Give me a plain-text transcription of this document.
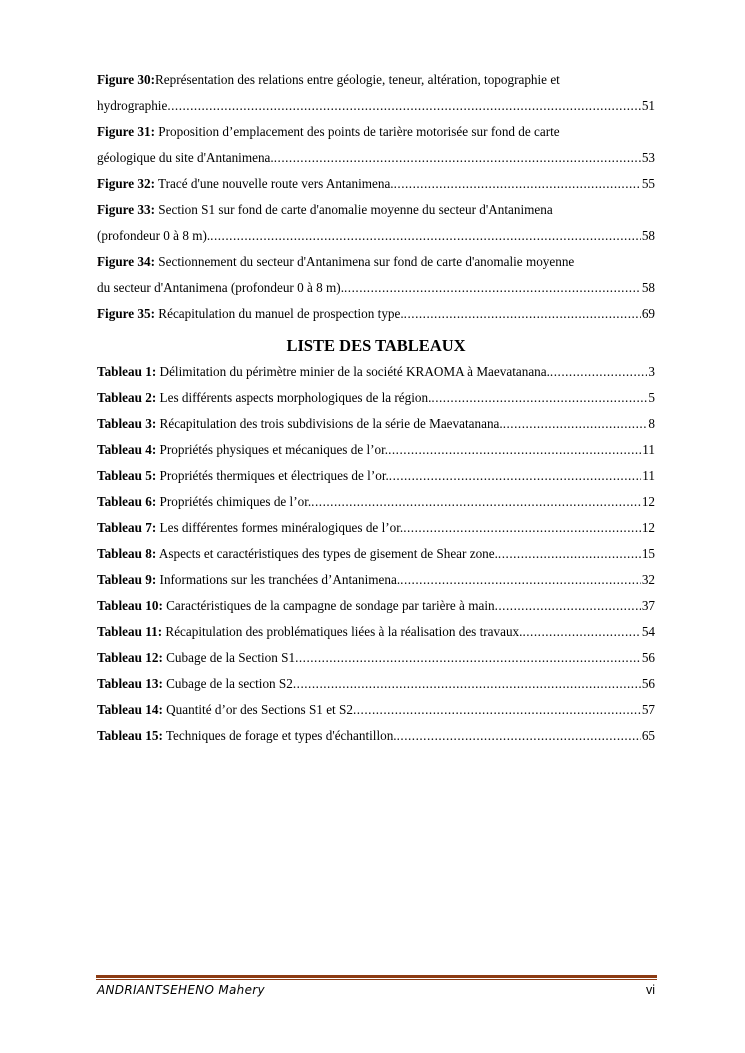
Figure 30:Représentation des relations entre géologie, teneur, altération, topographie et
hydrographie .....	51
Figure 31: Proposition d’emplacement des points de tarière motorisée sur fond de carte
géologique du site d'Antanimena. .....	53
Figure 32: Tracé d'une nouvelle route vers Antanimena. .....	55
Figure 33: Section S1 sur fond de carte d'anomalie moyenne du secteur d'Antanimena
(profondeur 0 à 8 m). .....	58
Figure 34: Sectionnement du secteur d'Antanimena sur fond de carte d'anomalie moyenne
du secteur d'Antanimena (profondeur 0 à 8 m). .....	58
Figure 35: Récapitulation du manuel de prospection type. .....	69
LISTE DES TABLEAUX
Tableau 1: Délimitation du périmètre minier de la société KRAOMA à Maevatanana. .....	3
Tableau 2: Les différents aspects morphologiques de la région. .....	5
Tableau 3: Récapitulation des trois subdivisions de la série de Maevatanana. .....	8
Tableau 4: Propriétés physiques et mécaniques de l’or. .....	11
Tableau 5: Propriétés thermiques et électriques de l’or. .....	11
Tableau 6: Propriétés chimiques de l’or. .....	12
Tableau 7: Les différentes formes minéralogiques de l’or. .....	12
Tableau 8: Aspects et caractéristiques des types de gisement de Shear zone. .....	15
Tableau 9: Informations sur les tranchées d’Antanimena. .....	32
Tableau 10: Caractéristiques de la campagne de sondage par tarière à main .....	37
Tableau 11: Récapitulation des problématiques liées à la réalisation des travaux. .....	54
Tableau 12: Cubage de la Section S1 .....	56
Tableau 13: Cubage de la section S2 .....	56
Tableau 14: Quantité d’or des Sections S1 et S2 .....	57
Tableau 15: Techniques de forage et types d'échantillon. .....	65
ANDRIANTSEHENO Mahery	vi
